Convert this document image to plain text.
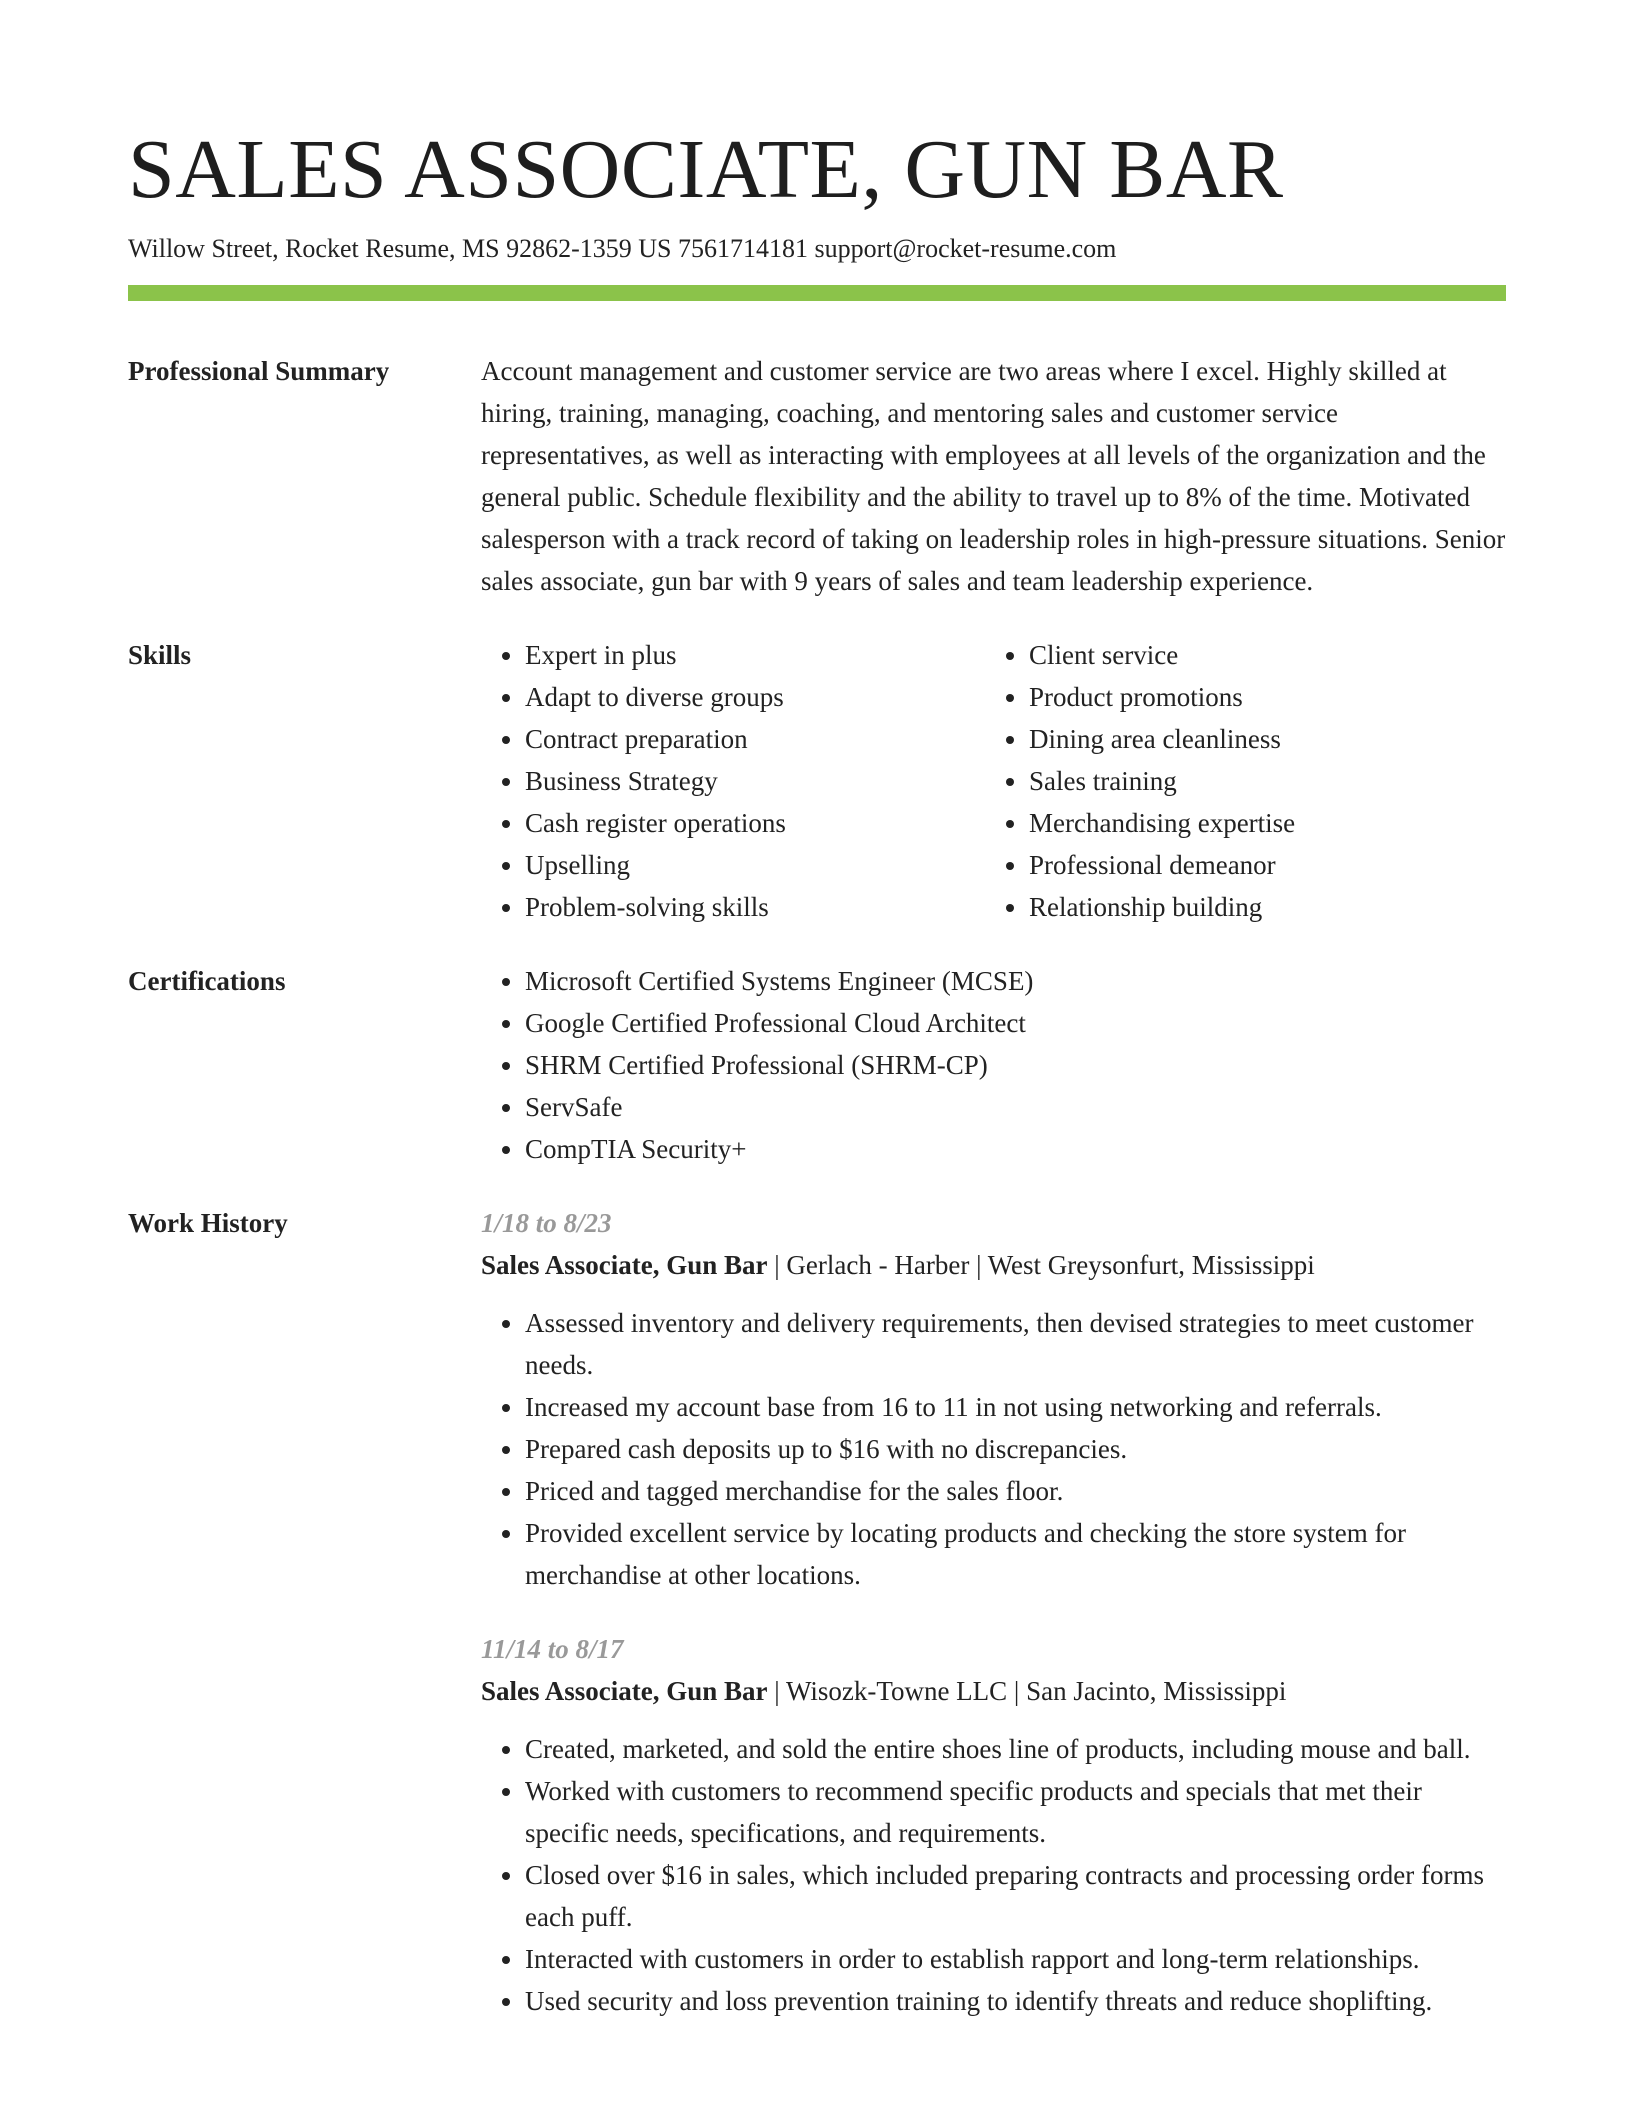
SALES ASSOCIATE, GUN BAR
Willow Street, Rocket Resume, MS 92862-1359 US 7561714181 support@rocket-resume.com
Professional Summary	Account management and customer service are two areas where I excel. Highly skilled at hiring, training, managing, coaching, and mentoring sales and customer service representatives, as well as interacting with employees at all levels of the organization and the general public. Schedule flexibility and the ability to travel up to 8% of the time. Motivated salesperson with a track record of taking on leadership roles in high-pressure situations. Senior sales associate, gun bar with 9 years of sales and team leadership experience.

Skills	• Expert in plus
• Adapt to diverse groups
• Contract preparation
• Business Strategy
• Cash register operations
• Upselling
• Problem-solving skills
• Client service
• Product promotions
• Dining area cleanliness
• Sales training
• Merchandising expertise
• Professional demeanor
• Relationship building
Certifications	• Microsoft Certified Systems Engineer (MCSE)
• Google Certified Professional Cloud Architect
• SHRM Certified Professional (SHRM-CP)
• ServSafe
• CompTIA Security+
Work History	1/18 to 8/23
Sales Associate, Gun Bar | Gerlach - Harber | West Greysonfurt, Mississippi
• Assessed inventory and delivery requirements, then devised strategies to meet customer needs.
• Increased my account base from 16 to 11 in not using networking and referrals.
• Prepared cash deposits up to $16 with no discrepancies.
• Priced and tagged merchandise for the sales floor.
• Provided excellent service by locating products and checking the store system for merchandise at other locations.
11/14 to 8/17
Sales Associate, Gun Bar | Wisozk-Towne LLC | San Jacinto, Mississippi
• Created, marketed, and sold the entire shoes line of products, including mouse and ball.
• Worked with customers to recommend specific products and specials that met their specific needs, specifications, and requirements.
• Closed over $16 in sales, which included preparing contracts and processing order forms each puff.
• Interacted with customers in order to establish rapport and long-term relationships.
• Used security and loss prevention training to identify threats and reduce shoplifting.
